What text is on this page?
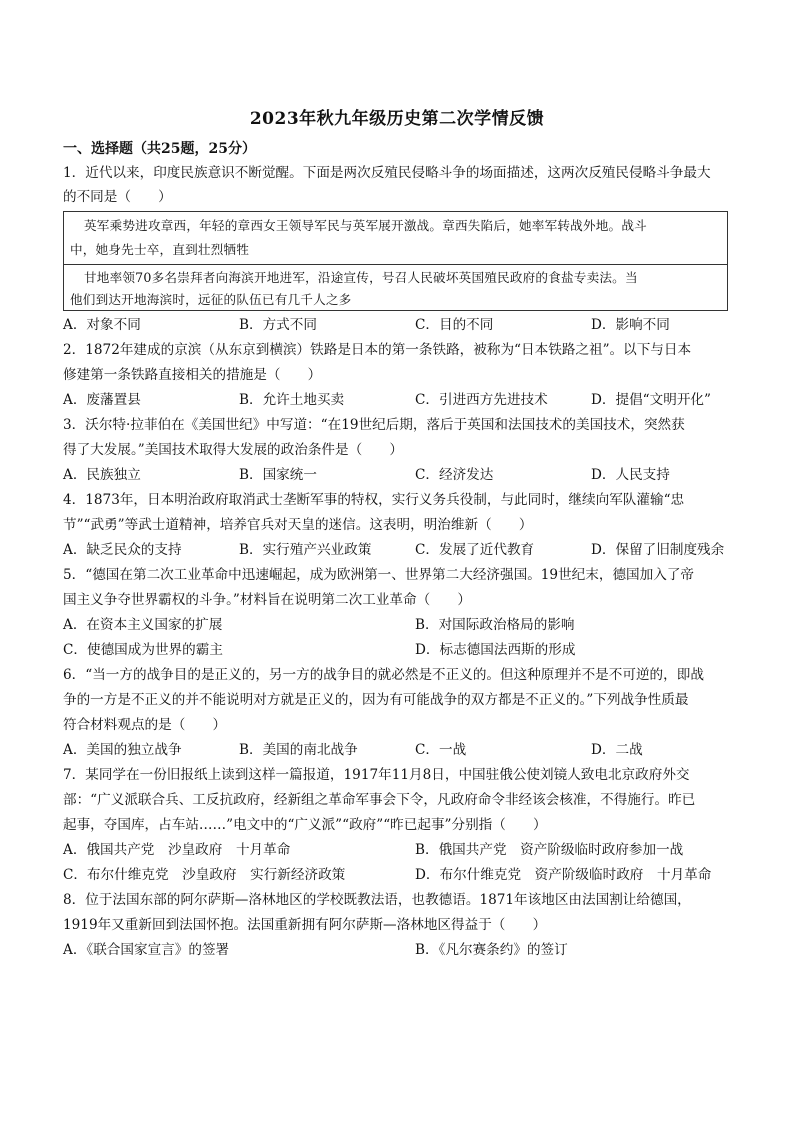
2023年秋九年级历史第二次学情反馈
一、选择题（共25题，25分）
1．近代以来，印度民族意识不断觉醒。下面是两次反殖民侵略斗争的场面描述，这两次反殖民侵略斗争最大
的不同是（　　）
英军乘势进攻章西，年轻的章西女王领导军民与英军展开激战。章西失陷后，她率军转战外地。战斗
中，她身先士卒，直到壮烈牺牲
甘地率领70多名崇拜者向海滨开地进军，沿途宣传，号召人民破坏英国殖民政府的食盐专卖法。当
他们到达开地海滨时，远征的队伍已有几千人之多
A．对象不同	B．方式不同	C．目的不同	D．影响不同
2．1872年建成的京滨（从东京到横滨）铁路是日本的第一条铁路，被称为“日本铁路之祖”。以下与日本
修建第一条铁路直接相关的措施是（　　）
A．废藩置县	B．允许土地买卖	C．引进西方先进技术	D．提倡“文明开化”
3．沃尔特·拉菲伯在《美国世纪》中写道：“在19世纪后期，落后于英国和法国技术的美国技术，突然获
得了大发展。”美国技术取得大发展的政治条件是（　　）
A．民族独立	B．国家统一	C．经济发达	D．人民支持
4．1873年，日本明治政府取消武士垄断军事的特权，实行义务兵役制，与此同时，继续向军队灌输“忠
节”“武勇”等武士道精神，培养官兵对天皇的迷信。这表明，明治维新（　　）
A．缺乏民众的支持	B．实行殖产兴业政策	C．发展了近代教育	D．保留了旧制度残余
5．“德国在第二次工业革命中迅速崛起，成为欧洲第一、世界第二大经济强国。19世纪末，德国加入了帝
国主义争夺世界霸权的斗争。”材料旨在说明第二次工业革命（　　）
A．在资本主义国家的扩展	B．对国际政治格局的影响
C．使德国成为世界的霸主	D．标志德国法西斯的形成
6．“当一方的战争目的是正义的，另一方的战争目的就必然是不正义的。但这种原理并不是不可逆的，即战
争的一方是不正义的并不能说明对方就是正义的，因为有可能战争的双方都是不正义的。”下列战争性质最
符合材料观点的是（　　）
A．美国的独立战争	B．美国的南北战争	C．一战	D．二战
7．某同学在一份旧报纸上读到这样一篇报道，1917年11月8日，中国驻俄公使刘镜人致电北京政府外交
部：“广义派联合兵、工反抗政府，经新组之革命军事会下令，凡政府命令非经该会核准，不得施行。昨已
起事，夺国库，占车站……”电文中的“广义派”“政府”“昨已起事”分别指（　　）
A．俄国共产党　沙皇政府　十月革命	B．俄国共产党　资产阶级临时政府参加一战
C．布尔什维克党　沙皇政府　实行新经济政策	D．布尔什维克党　资产阶级临时政府　十月革命
8．位于法国东部的阿尔萨斯—洛林地区的学校既教法语，也教德语。1871年该地区由法国割让给德国，
1919年又重新回到法国怀抱。法国重新拥有阿尔萨斯—洛林地区得益于（　　）
A．《联合国家宣言》的签署	B．《凡尔赛条约》的签订
